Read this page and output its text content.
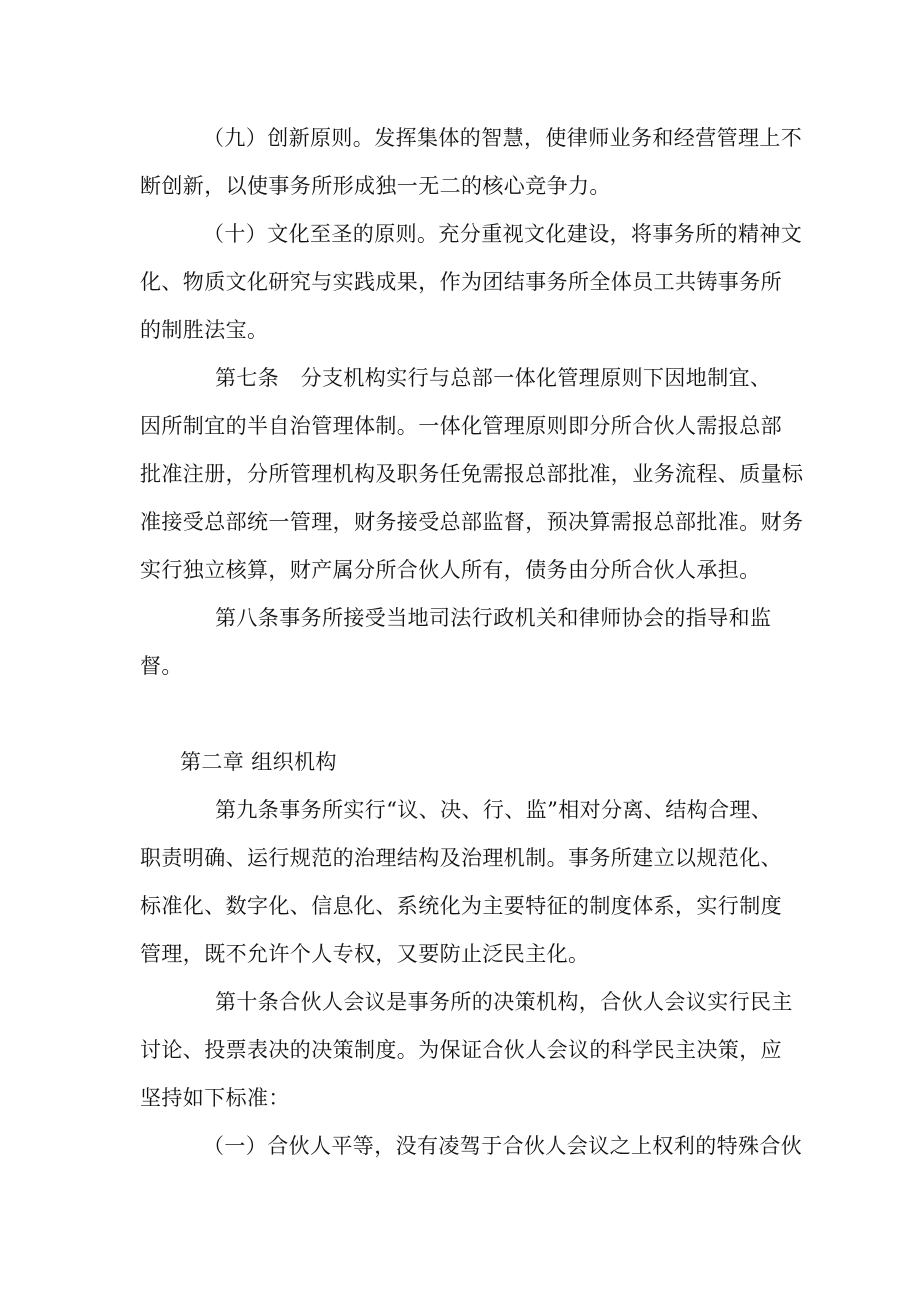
（九）创新原则。发挥集体的智慧，使律师业务和经营管理上不
断创新，以使事务所形成独一无二的核心竞争力。
（十）文化至圣的原则。充分重视文化建设，将事务所的精神文
化、物质文化研究与实践成果，作为团结事务所全体员工共铸事务所
的制胜法宝。
第七条　分支机构实行与总部一体化管理原则下因地制宜、
因所制宜的半自治管理体制。一体化管理原则即分所合伙人需报总部
批准注册，分所管理机构及职务任免需报总部批准，业务流程、质量标
准接受总部统一管理，财务接受总部监督，预决算需报总部批准。财务
实行独立核算，财产属分所合伙人所有，债务由分所合伙人承担。
第八条事务所接受当地司法行政机关和律师协会的指导和监
督。
第二章 组织机构
第九条事务所实行“议、决、行、监”相对分离、结构合理、
职责明确、运行规范的治理结构及治理机制。事务所建立以规范化、
标准化、数字化、信息化、系统化为主要特征的制度体系，实行制度
管理，既不允许个人专权，又要防止泛民主化。
第十条合伙人会议是事务所的决策机构，合伙人会议实行民主
讨论、投票表决的决策制度。为保证合伙人会议的科学民主决策，应
坚持如下标准：
（一）合伙人平等，没有凌驾于合伙人会议之上权利的特殊合伙
